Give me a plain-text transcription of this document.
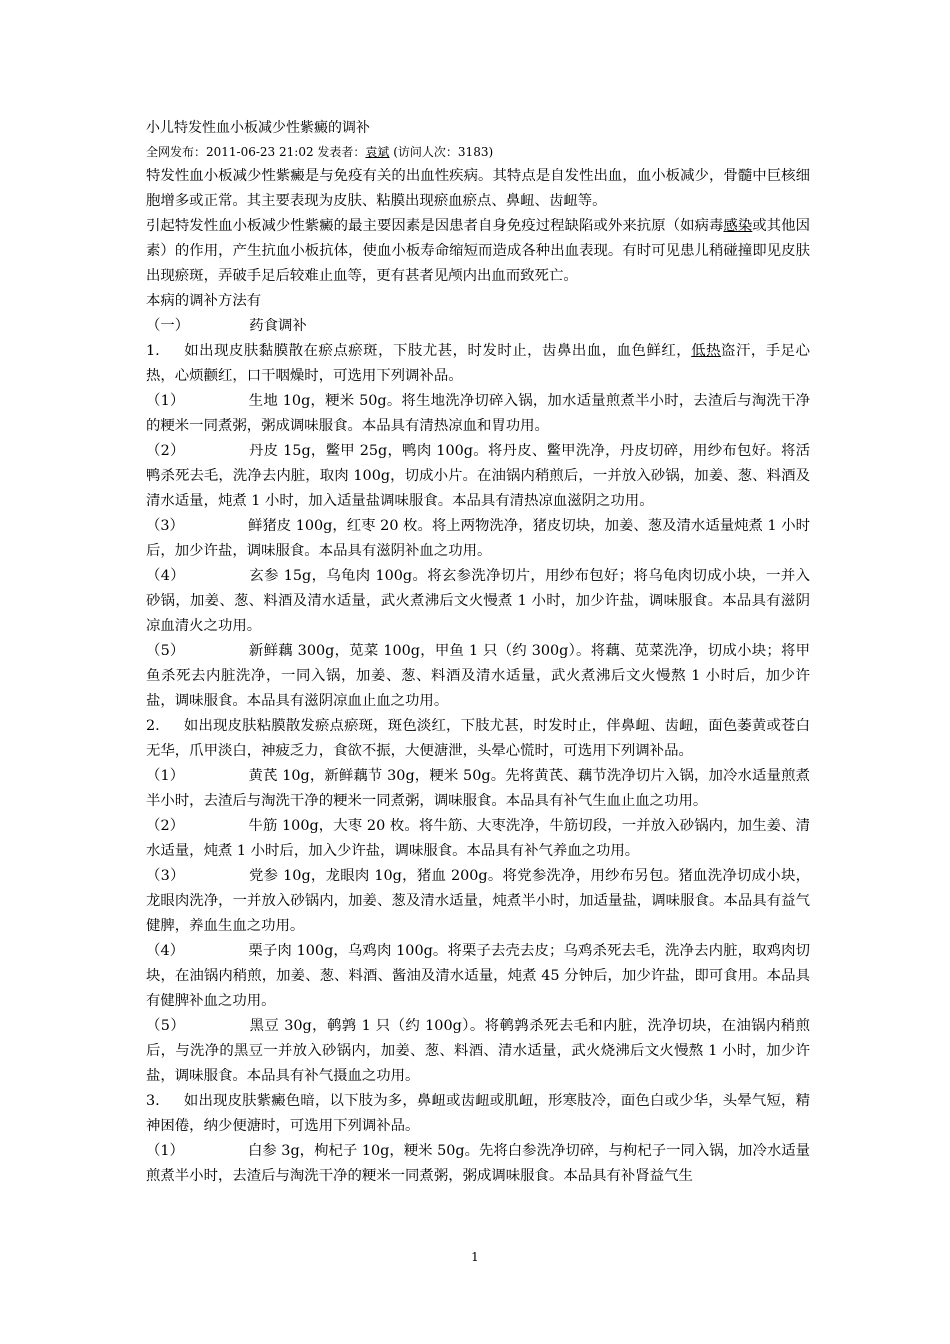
小儿特发性血小板减少性紫癜的调补

全网发布：2011-06-23 21:02 发表者：袁斌 (访问人次：3183)

特发性血小板减少性紫癜是与免疫有关的出血性疾病。其特点是自发性出血，血小板减少，骨髓中巨核细胞增多或正常。其主要表现为皮肤、粘膜出现瘀血瘀点、鼻衄、齿衄等。

引起特发性血小板减少性紫癜的最主要因素是因患者自身免疫过程缺陷或外来抗原（如病毒感染或其他因素）的作用，产生抗血小板抗体，使血小板寿命缩短而造成各种出血表现。有时可见患儿稍碰撞即见皮肤出现瘀斑，弄破手足后较难止血等，更有甚者见颅内出血而致死亡。

本病的调补方法有

（一）	药食调补

1. 如出现皮肤黏膜散在瘀点瘀斑，下肢尤甚，时发时止，齿鼻出血，血色鲜红，低热盗汗，手足心热，心烦颧红，口干咽燥时，可选用下列调补品。

（1）	生地 10g，粳米 50g。将生地洗净切碎入锅，加水适量煎煮半小时，去渣后与淘洗干净的粳米一同煮粥，粥成调味服食。本品具有清热凉血和胃功用。

（2）	丹皮 15g，鳖甲 25g，鸭肉 100g。将丹皮、鳖甲洗净，丹皮切碎，用纱布包好。将活鸭杀死去毛，洗净去内脏，取肉 100g，切成小片。在油锅内稍煎后，一并放入砂锅，加姜、葱、料酒及清水适量，炖煮 1 小时，加入适量盐调味服食。本品具有清热凉血滋阴之功用。

（3）	鲜猪皮 100g，红枣 20 枚。将上两物洗净，猪皮切块，加姜、葱及清水适量炖煮 1 小时后，加少许盐，调味服食。本品具有滋阴补血之功用。

（4）	玄参 15g，乌龟肉 100g。将玄参洗净切片，用纱布包好；将乌龟肉切成小块，一并入砂锅，加姜、葱、料酒及清水适量，武火煮沸后文火慢煮 1 小时，加少许盐，调味服食。本品具有滋阴凉血清火之功用。

（5）	新鲜藕 300g，苋菜 100g，甲鱼 1 只（约 300g）。将藕、苋菜洗净，切成小块；将甲鱼杀死去内脏洗净，一同入锅，加姜、葱、料酒及清水适量，武火煮沸后文火慢熬 1 小时后，加少许盐，调味服食。本品具有滋阴凉血止血之功用。

2. 如出现皮肤粘膜散发瘀点瘀斑，斑色淡红，下肢尤甚，时发时止，伴鼻衄、齿衄，面色萎黄或苍白无华，爪甲淡白，神疲乏力，食欲不振，大便溏泄，头晕心慌时，可选用下列调补品。

（1）	黄芪 10g，新鲜藕节 30g，粳米 50g。先将黄芪、藕节洗净切片入锅，加冷水适量煎煮半小时，去渣后与淘洗干净的粳米一同煮粥，调味服食。本品具有补气生血止血之功用。

（2）	牛筋 100g，大枣 20 枚。将牛筋、大枣洗净，牛筋切段，一并放入砂锅内，加生姜、清水适量，炖煮 1 小时后，加入少许盐，调味服食。本品具有补气养血之功用。

（3）	党参 10g，龙眼肉 10g，猪血 200g。将党参洗净，用纱布另包。猪血洗净切成小块，龙眼肉洗净，一并放入砂锅内，加姜、葱及清水适量，炖煮半小时，加适量盐，调味服食。本品具有益气健脾，养血生血之功用。

（4）	栗子肉 100g，乌鸡肉 100g。将栗子去壳去皮；乌鸡杀死去毛，洗净去内脏，取鸡肉切块，在油锅内稍煎，加姜、葱、料酒、酱油及清水适量，炖煮 45 分钟后，加少许盐，即可食用。本品具有健脾补血之功用。

（5）	黑豆 30g，鹌鹑 1 只（约 100g）。将鹌鹑杀死去毛和内脏，洗净切块，在油锅内稍煎后，与洗净的黑豆一并放入砂锅内，加姜、葱、料酒、清水适量，武火烧沸后文火慢熬 1 小时，加少许盐，调味服食。本品具有补气摄血之功用。

3. 如出现皮肤紫癜色暗，以下肢为多，鼻衄或齿衄或肌衄，形寒肢冷，面色白或少华，头晕气短，精神困倦，纳少便溏时，可选用下列调补品。

（1）	白参 3g，枸杞子 10g，粳米 50g。先将白参洗净切碎，与枸杞子一同入锅，加冷水适量煎煮半小时，去渣后与淘洗干净的粳米一同煮粥，粥成调味服食。本品具有补肾益气生

1
